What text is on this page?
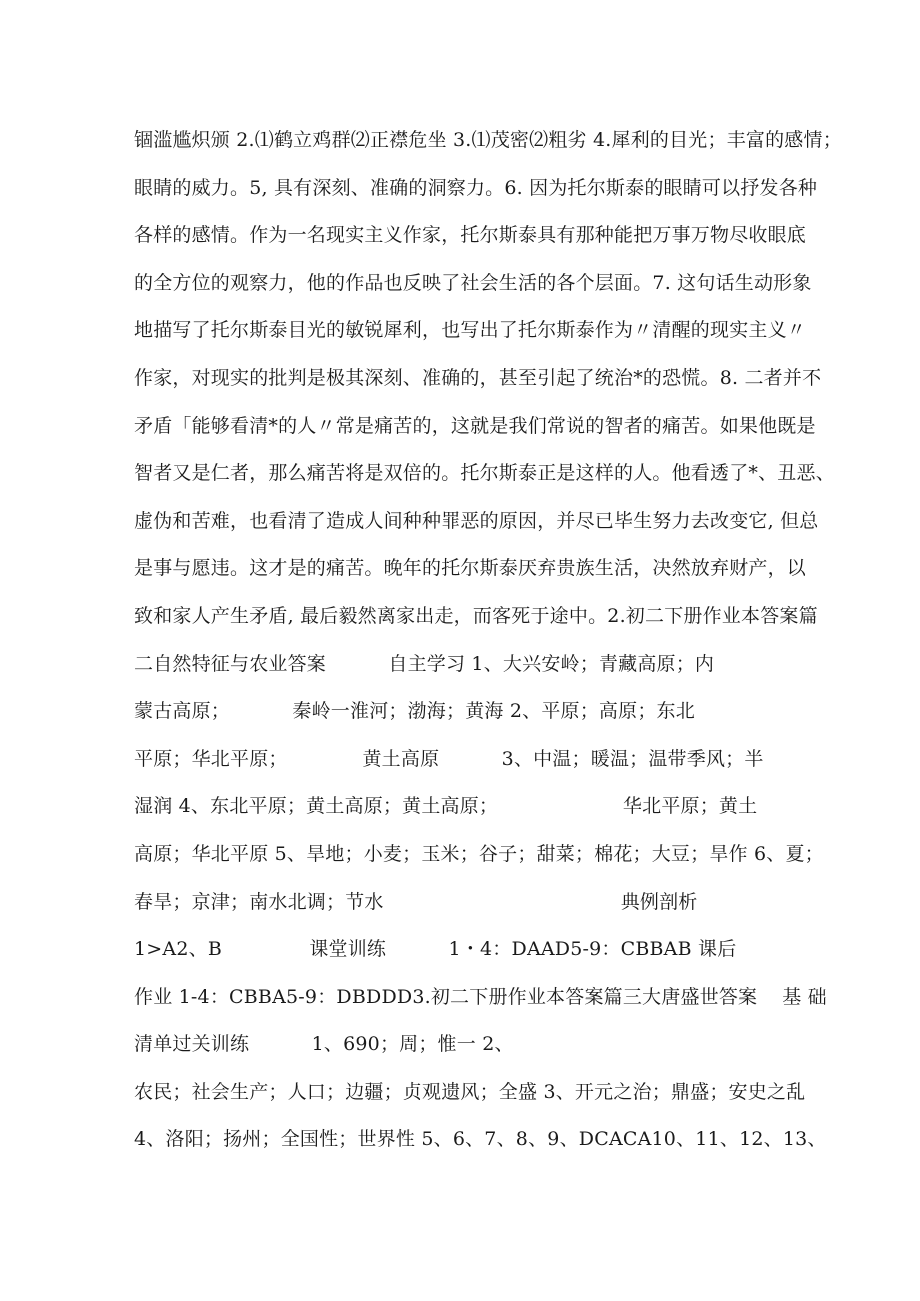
锢滥尴炽颁 2.⑴鹤立鸡群⑵正襟危坐 3.⑴茂密⑵粗劣 4.犀利的目光；丰富的感情；
眼睛的威力。5, 具有深刻、准确的洞察力。6. 因为托尔斯泰的眼睛可以抒发各种
各样的感情。作为一名现实主义作家，托尔斯泰具有那种能把万事万物尽收眼底
的全方位的观察力，他的作品也反映了社会生活的各个层面。7. 这句话生动形象
地描写了托尔斯泰目光的敏锐犀利，也写出了托尔斯泰作为〃清醒的现实主义〃
作家，对现实的批判是极其深刻、准确的，甚至引起了统治*的恐慌。8. 二者并不
矛盾「能够看清*的人〃常是痛苦的，这就是我们常说的智者的痛苦。如果他既是
智者又是仁者，那么痛苦将是双倍的。托尔斯泰正是这样的人。他看透了*、丑恶、
虚伪和苦难，也看清了造成人间种种罪恶的原因，并尽已毕生努力去改变它, 但总
是事与愿违。这才是的痛苦。晚年的托尔斯泰厌弃贵族生活，决然放弃财产，以
致和家人产生矛盾, 最后毅然离家出走，而客死于途中。2.初二下册作业本答案篇
二自然特征与农业答案          自主学习 1、大兴安岭；青藏高原；内
蒙古高原；          秦岭一淮河；渤海；黄海 2、平原；高原；东北
平原；华北平原；            黄土高原          3、中温；暖温；温带季风；半
湿润 4、东北平原；黄土高原；黄土高原；                    华北平原；黄土
高原；华北平原 5、旱地；小麦；玉米；谷子；甜菜；棉花；大豆；旱作 6、夏；
春旱；京津；南水北调；节水                                      典例剖析
1>A2、B              课堂训练          1・4：DAAD5-9：CBBAB 课后
作业 1-4：CBBA5-9：DBDDD3.初二下册作业本答案篇三大唐盛世答案    基 础
清单过关训练          1、690；周；惟一 2、
农民；社会生产；人口；边疆；贞观遗风；全盛 3、开元之治；鼎盛；安史之乱
4、洛阳；扬州；全国性；世界性 5、6、7、8、9、DCACA10、11、12、13、
